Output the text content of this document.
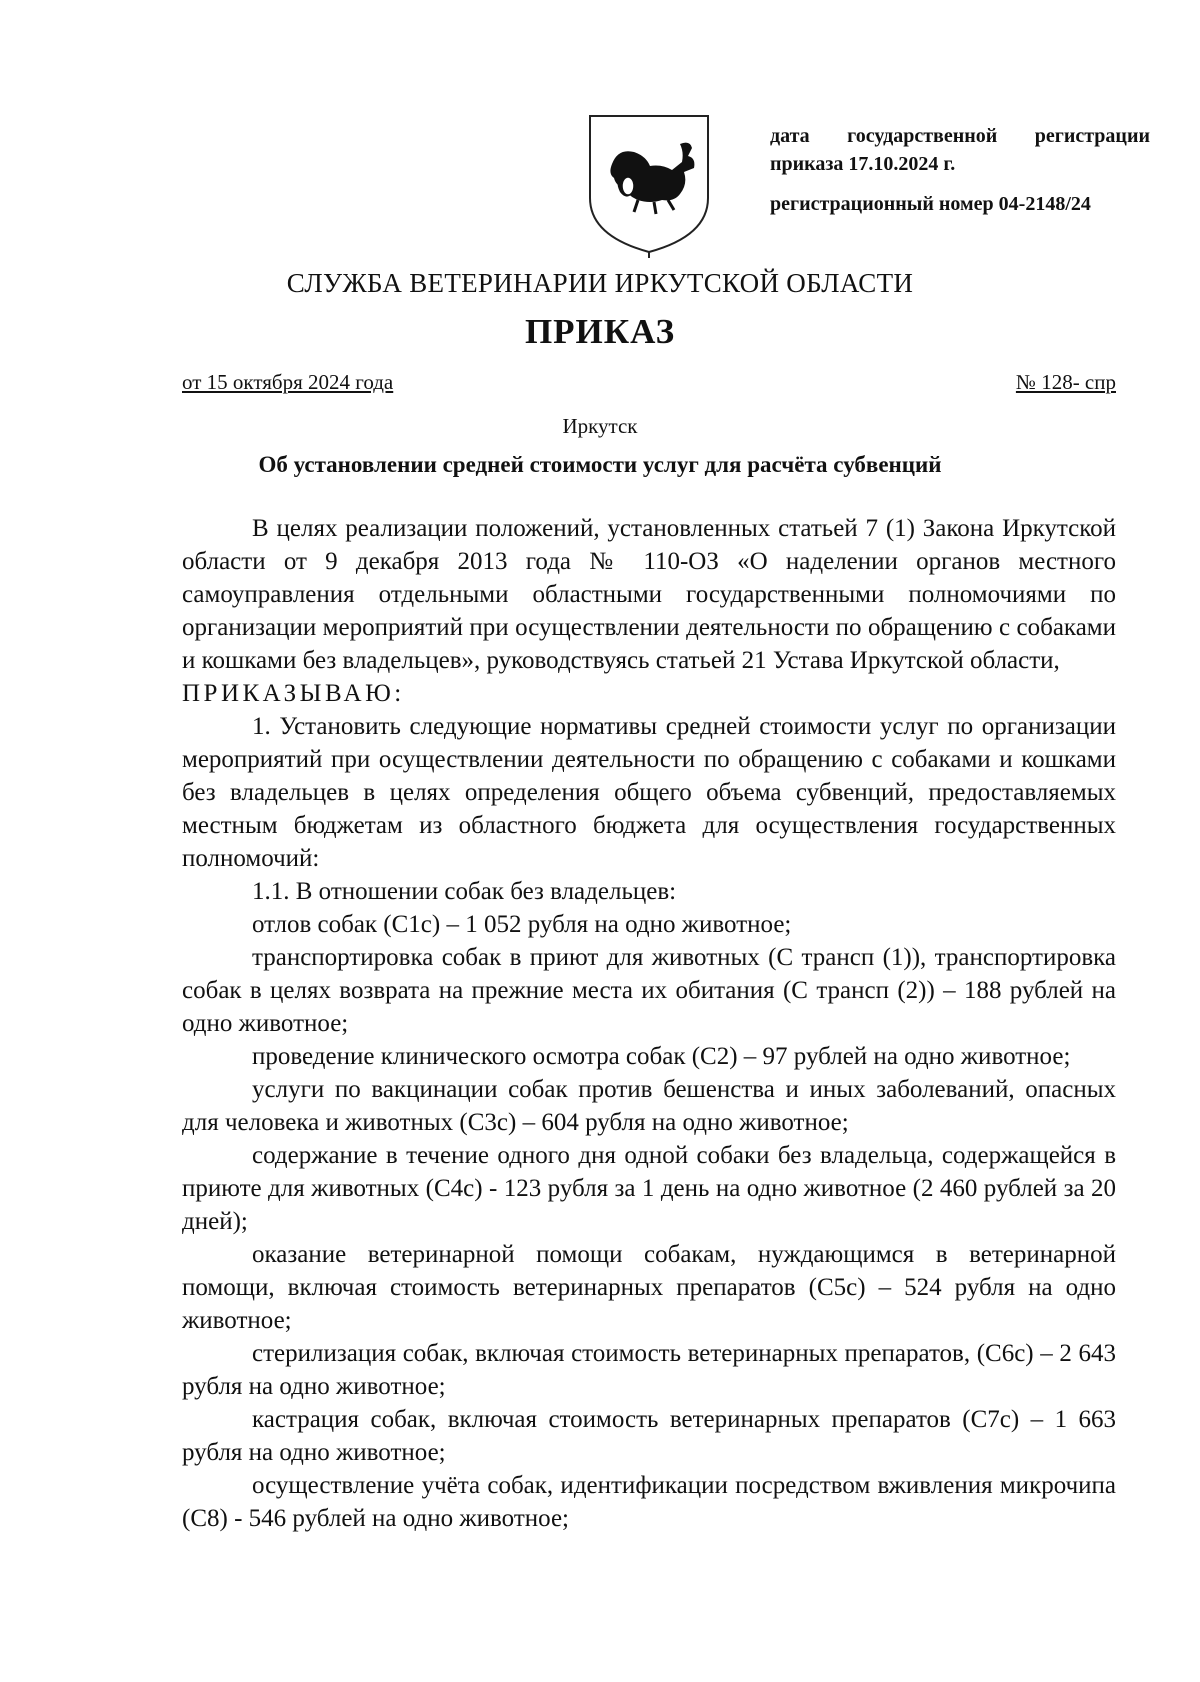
дата государственной регистрации
приказа 17.10.2024 г.
регистрационный номер 04-2148/24
СЛУЖБА ВЕТЕРИНАРИИ ИРКУТСКОЙ ОБЛАСТИ
ПРИКАЗ
от 15 октября 2024 года	№ 128- спр
Иркутск
Об установлении средней стоимости услуг для расчёта субвенций

В целях реализации положений, установленных статьей 7 (1) Закона Иркутской области от 9 декабря 2013 года № 110-ОЗ «О наделении органов местного самоуправления отдельными областными государственными полномочиями по организации мероприятий при осуществлении деятельности по обращению с собаками и кошками без владельцев», руководствуясь статьей 21 Устава Иркутской области,

ПРИКАЗЫВАЮ:

1. Установить следующие нормативы средней стоимости услуг по организации мероприятий при осуществлении деятельности по обращению с собаками и кошками без владельцев в целях определения общего объема субвенций, предоставляемых местным бюджетам из областного бюджета для осуществления государственных полномочий:

1.1. В отношении собак без владельцев:

отлов собак (С1с) – 1 052 рубля на одно животное;

транспортировка собак в приют для животных (С трансп (1)), транспортировка собак в целях возврата на прежние места их обитания (С трансп (2)) – 188 рублей на одно животное;

проведение клинического осмотра собак (С2) – 97 рублей на одно животное;

услуги по вакцинации собак против бешенства и иных заболеваний, опасных для человека и животных (С3с) – 604 рубля на одно животное;

содержание в течение одного дня одной собаки без владельца, содержащейся в приюте для животных (С4с) - 123 рубля за 1 день на одно животное (2 460 рублей за 20 дней);

оказание ветеринарной помощи собакам, нуждающимся в ветеринарной помощи, включая стоимость ветеринарных препаратов (С5с) – 524 рубля на одно животное;

стерилизация собак, включая стоимость ветеринарных препаратов, (С6с) – 2 643 рубля на одно животное;

кастрация собак, включая стоимость ветеринарных препаратов (С7с) – 1 663 рубля на одно животное;

осуществление учёта собак, идентификации посредством вживления микрочипа (С8) - 546 рублей на одно животное;
